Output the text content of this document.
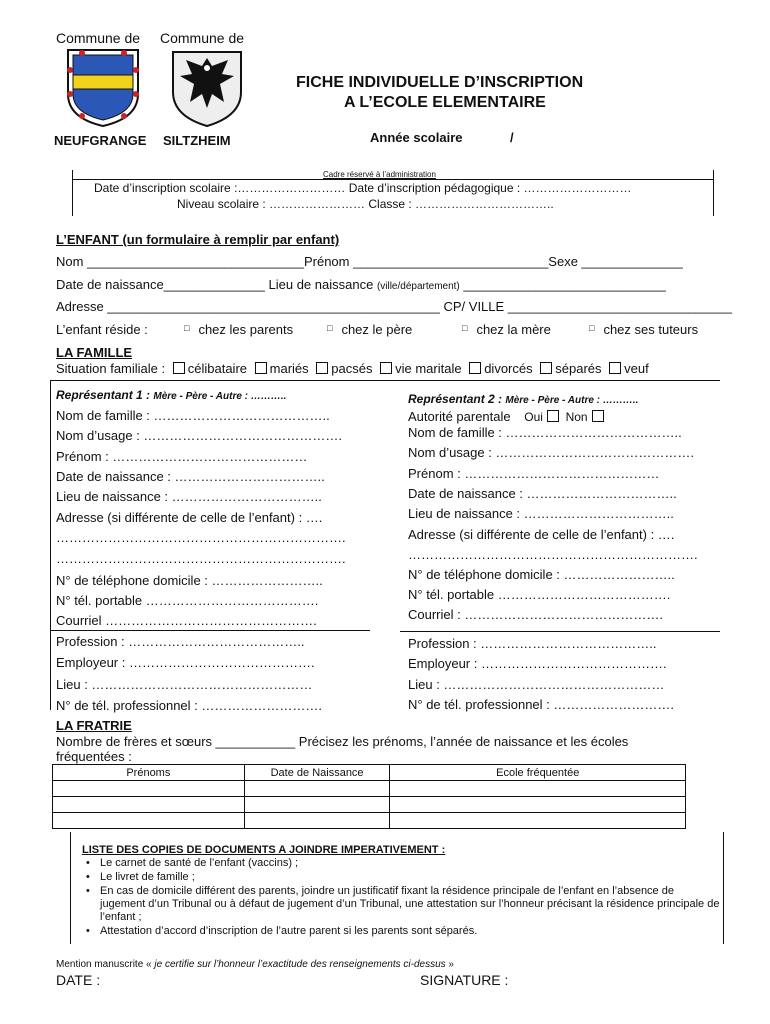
Commune de Commune de
NEUFGRANGE SILTZHEIM
FICHE INDIVIDUELLE D’INSCRIPTION
A L’ECOLE ELEMENTAIRE
Année scolaire	/
Cadre réservé à l’administration
Date d’inscription scolaire :……………………… Date d’inscription pédagogique : ………………………
Niveau scolaire : …………………… Classe : ……………………………..
L’ENFANT (un formulaire à remplir par enfant)
Nom ______________________________Prénom ___________________________Sexe ______________
Date de naissance______________ Lieu de naissance (ville/département) ____________________________
Adresse ______________________________________________ CP/ VILLE _______________________________
L’enfant réside :	□ chez les parents	□ chez le père	□ chez la mère	□ chez ses tuteurs
LA FAMILLE
Situation familiale : célibataire mariés pacsés vie maritale divorcés séparés veuf
Représentant 1 : Mère - Père - Autre : ………..
Nom de famille : …………………………………..
Nom d’usage : ……………………………………….
Prénom : ………………………………………
Date de naissance : ……………………………..
Lieu de naissance : ……………………………..
Adresse (si différente de celle de l’enfant) : ….
………………………………………………………….
………………………………………………………….
N° de téléphone domicile : ……………………..
N° tél. portable ………………………………….
Courriel ………………………………………….
Profession : …………………………………..
Employeur : …………………………………….
Lieu : ……………………………………………
N° de tél. professionnel : ……………………….
Représentant 2 : Mère - Père - Autre : ………..
Autorité parentale Oui Non
Nom de famille : …………………………………..
Nom d’usage : ……………………………………….
Prénom : ………………………………………
Date de naissance : ……………………………..
Lieu de naissance : ……………………………..
Adresse (si différente de celle de l’enfant) : ….
………………………………………………………….
N° de téléphone domicile : ……………………..
N° tél. portable ………………………………….
Courriel : ……………………………………….
Profession : …………………………………..
Employeur : …………………………………….
Lieu : ……………………………………………
N° de tél. professionnel : ……………………….
LA FRATRIE
Nombre de frères et sœurs ___________ Précisez les prénoms, l’année de naissance et les écoles
fréquentées :
Prénoms	Date de Naissance	Ecole fréquentée

LISTE DES COPIES DE DOCUMENTS A JOINDRE IMPERATIVEMENT :
• Le carnet de santé de l’enfant (vaccins) ;
• Le livret de famille ;
• En cas de domicile différent des parents, joindre un justificatif fixant la résidence principale de l’enfant en l’absence de jugement d’un Tribunal ou à défaut de jugement d’un Tribunal, une attestation sur l’honneur précisant la résidence principale de l’enfant ;
• Attestation d’accord d’inscription de l’autre parent si les parents sont séparés.
Mention manuscrite « je certifie sur l’honneur l’exactitude des renseignements ci-dessus »
DATE :	SIGNATURE :
